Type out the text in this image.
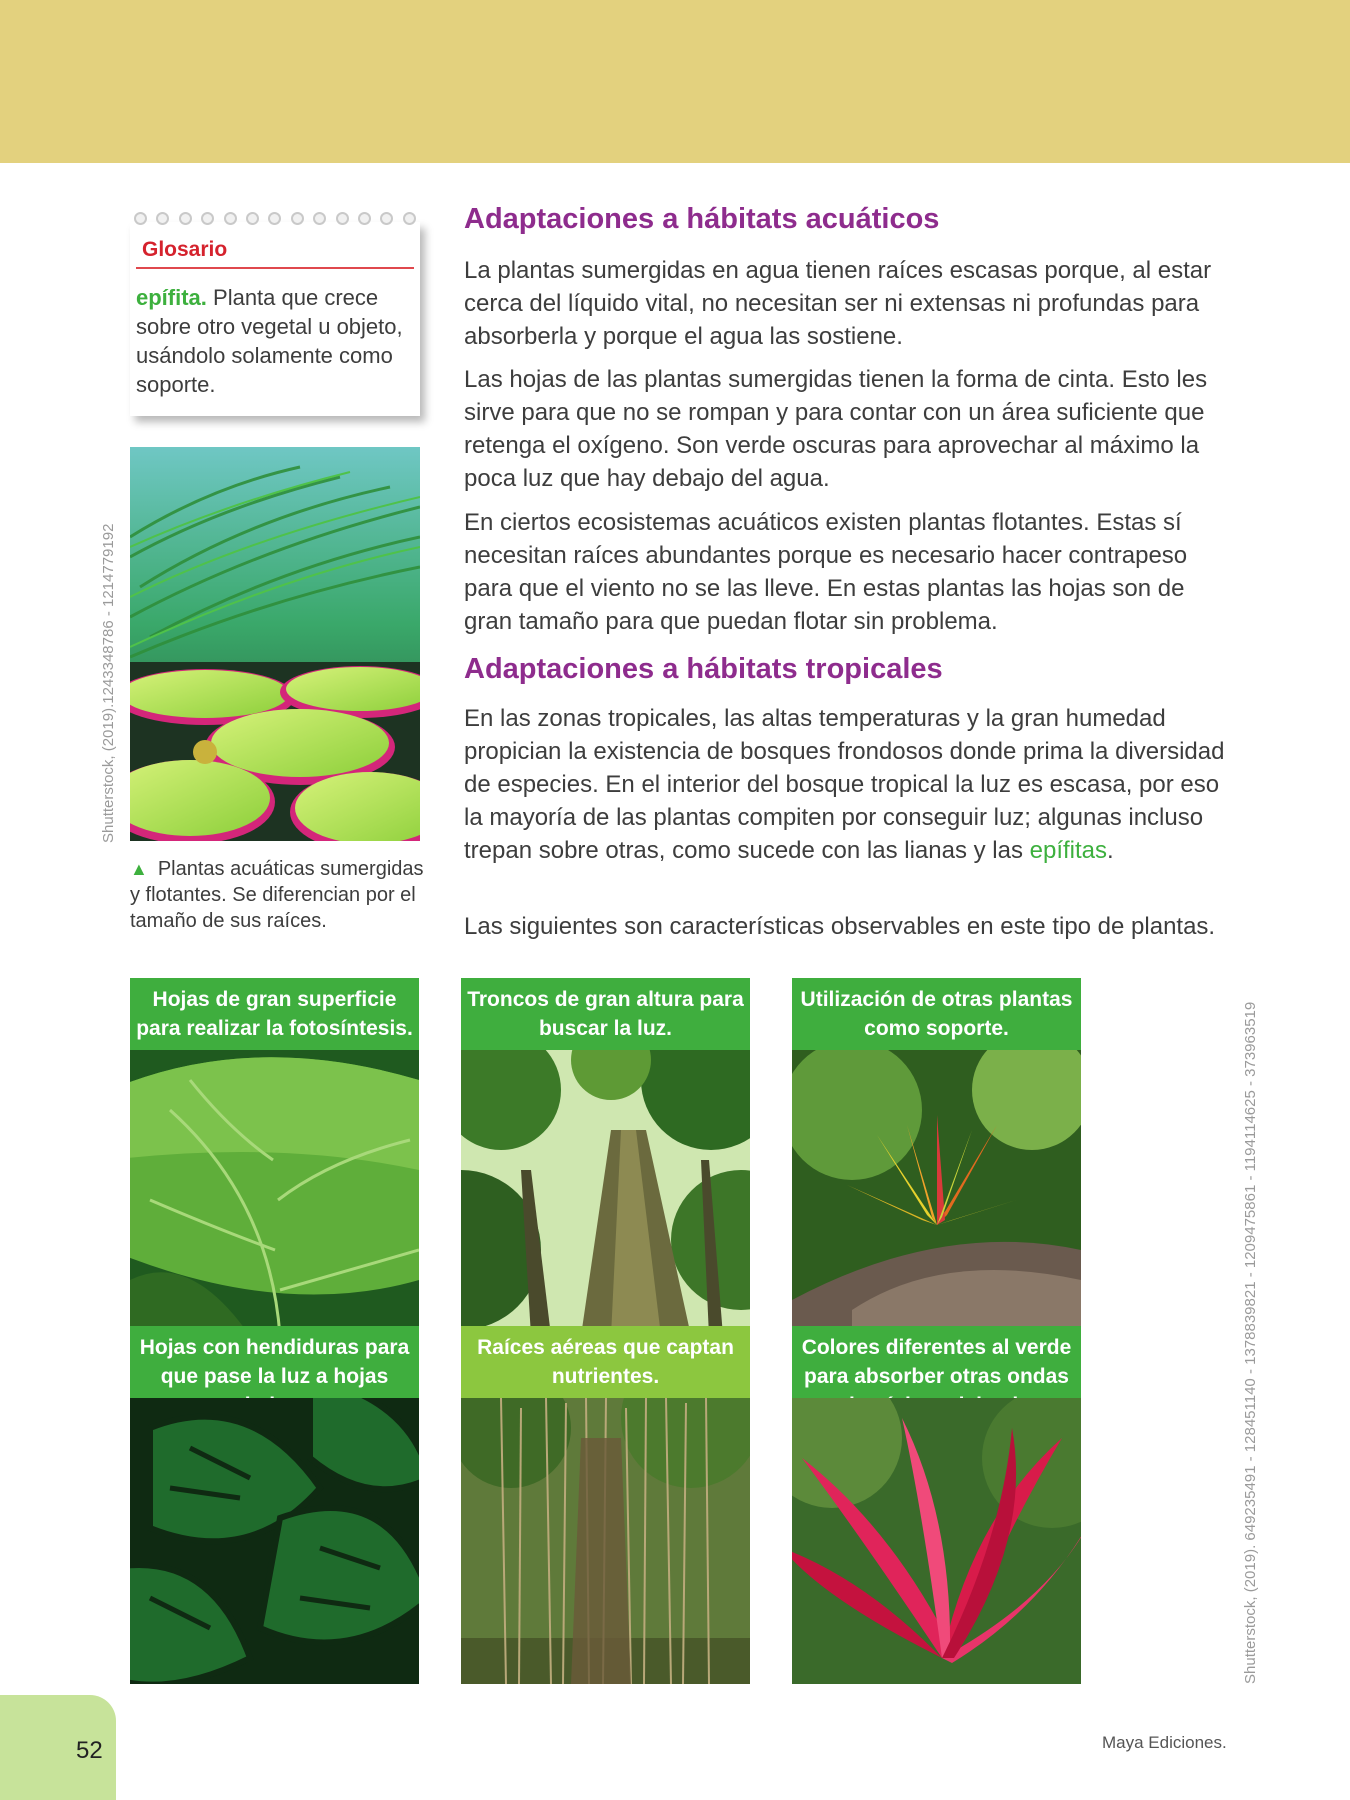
Glosario
epífita. Planta que crece sobre otro vegetal u objeto, usándolo solamente como soporte.
▲ Plantas acuáticas sumergidas y flotantes. Se diferencian por el tamaño de sus raíces.
Shutterstock, (2019).1243348786 - 1214779192
Shutterstock, (2019). 649235491 - 128451140 - 1378839821 - 1209475861 - 1194114625 - 373963519
Adaptaciones a hábitats acuáticos

La plantas sumergidas en agua tienen raíces escasas porque, al estar cerca del líquido vital, no necesitan ser ni extensas ni profundas para absorberla y porque el agua las sostiene.

Las hojas de las plantas sumergidas tienen la forma de cinta. Esto les sirve para que no se rompan y para contar con un área suficiente que retenga el oxígeno. Son verde oscuras para aprovechar al máximo la poca luz que hay debajo del agua.

En ciertos ecosistemas acuáticos existen plantas flotantes. Estas sí necesitan raíces abundantes porque es necesario hacer contrapeso para que el viento no se las lleve. En estas plantas las hojas son de gran tamaño para que puedan flotar sin problema.

Adaptaciones a hábitats tropicales

En las zonas tropicales, las altas temperaturas y la gran humedad propician la existencia de bosques frondosos donde prima la diversidad de especies. En el interior del bosque tropical la luz es escasa, por eso la mayoría de las plantas compiten por conseguir luz; algunas incluso trepan sobre otras, como sucede con las lianas y las epífitas.

Las siguientes son características observables en este tipo de plantas.

Hojas de gran superficie para realizar la fotosíntesis.
Troncos de gran altura para buscar la luz.
Utilización de otras plantas como soporte.
Hojas con hendiduras para que pase la luz a hojas
Raíces aéreas que captan nutrientes.
Colores diferentes al verde para absorber otras ondas
52	Maya Ediciones.
